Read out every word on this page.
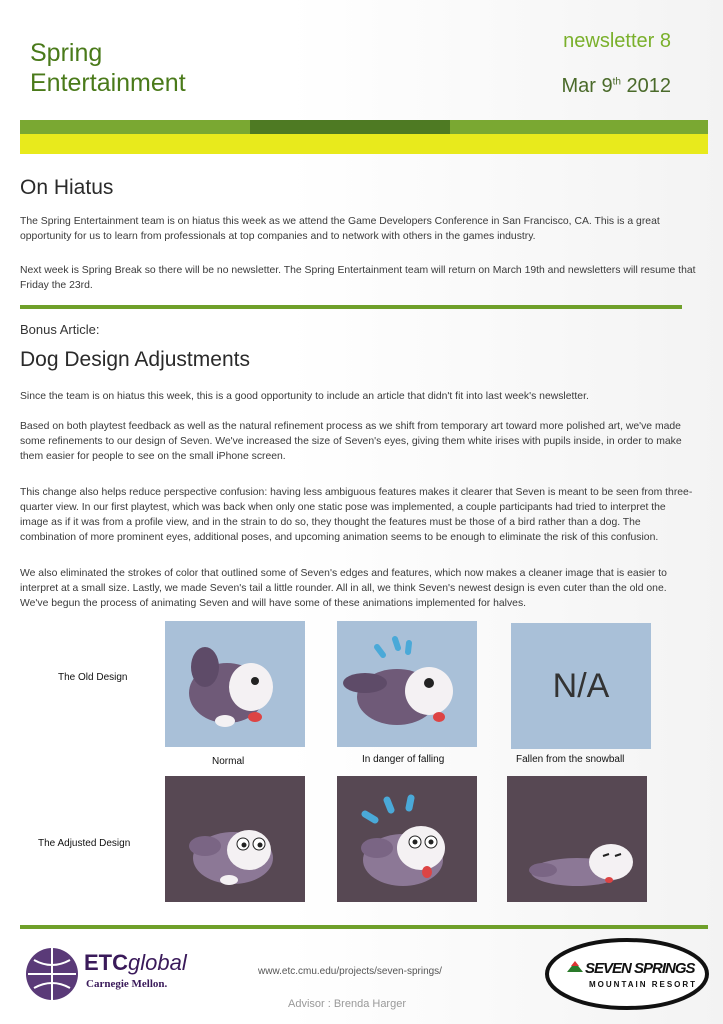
Spring
Entertainment
newsletter 8
Mar 9th 2012
On Hiatus

The Spring Entertainment team is on hiatus this week as we attend the Game Developers Conference in San Francisco, CA. This is a great opportunity for us to learn from professionals at top companies and to network with others in the games industry.

Next week is Spring Break so there will be no newsletter. The Spring Entertainment team will return on March 19th and newsletters will resume that Friday the 23rd.

Bonus Article:
Dog Design Adjustments

Since the team is on hiatus this week, this is a good opportunity to include an article that didn't fit into last week's newsletter.

Based on both playtest feedback as well as the natural refinement process as we shift from temporary art toward more polished art, we've made some refinements to our design of Seven. We've increased the size of Seven's eyes, giving them white irises with pupils inside, in order to make them easier for people to see on the small iPhone screen.

This change also helps reduce perspective confusion: having less ambiguous features makes it clearer that Seven is meant to be seen from three-quarter view. In our first playtest, which was back when only one static pose was implemented, a couple participants had tried to interpret the image as if it was from a profile view, and in the strain to do so, they thought the features must be those of a bird rather than a dog. The combination of more prominent eyes, additional poses, and upcoming animation seems to be enough to eliminate the risk of this confusion.

We also eliminated the strokes of color that outlined some of Seven's edges and features, which now makes a cleaner image that is easier to interpret at a small size. Lastly, we made Seven's tail a little rounder. All in all, we think Seven's newest design is even cuter than the old one. We've begun the process of animating Seven and will have some of these animations implemented for halves.

The Old Design
The Adjusted Design
N/A
Normal	In danger of falling	Fallen from the snowball
ETCglobal
Carnegie Mellon.
www.etc.cmu.edu/projects/seven-springs/
Advisor : Brenda Harger
SEVEN SPRINGS
MOUNTAIN RESORT
